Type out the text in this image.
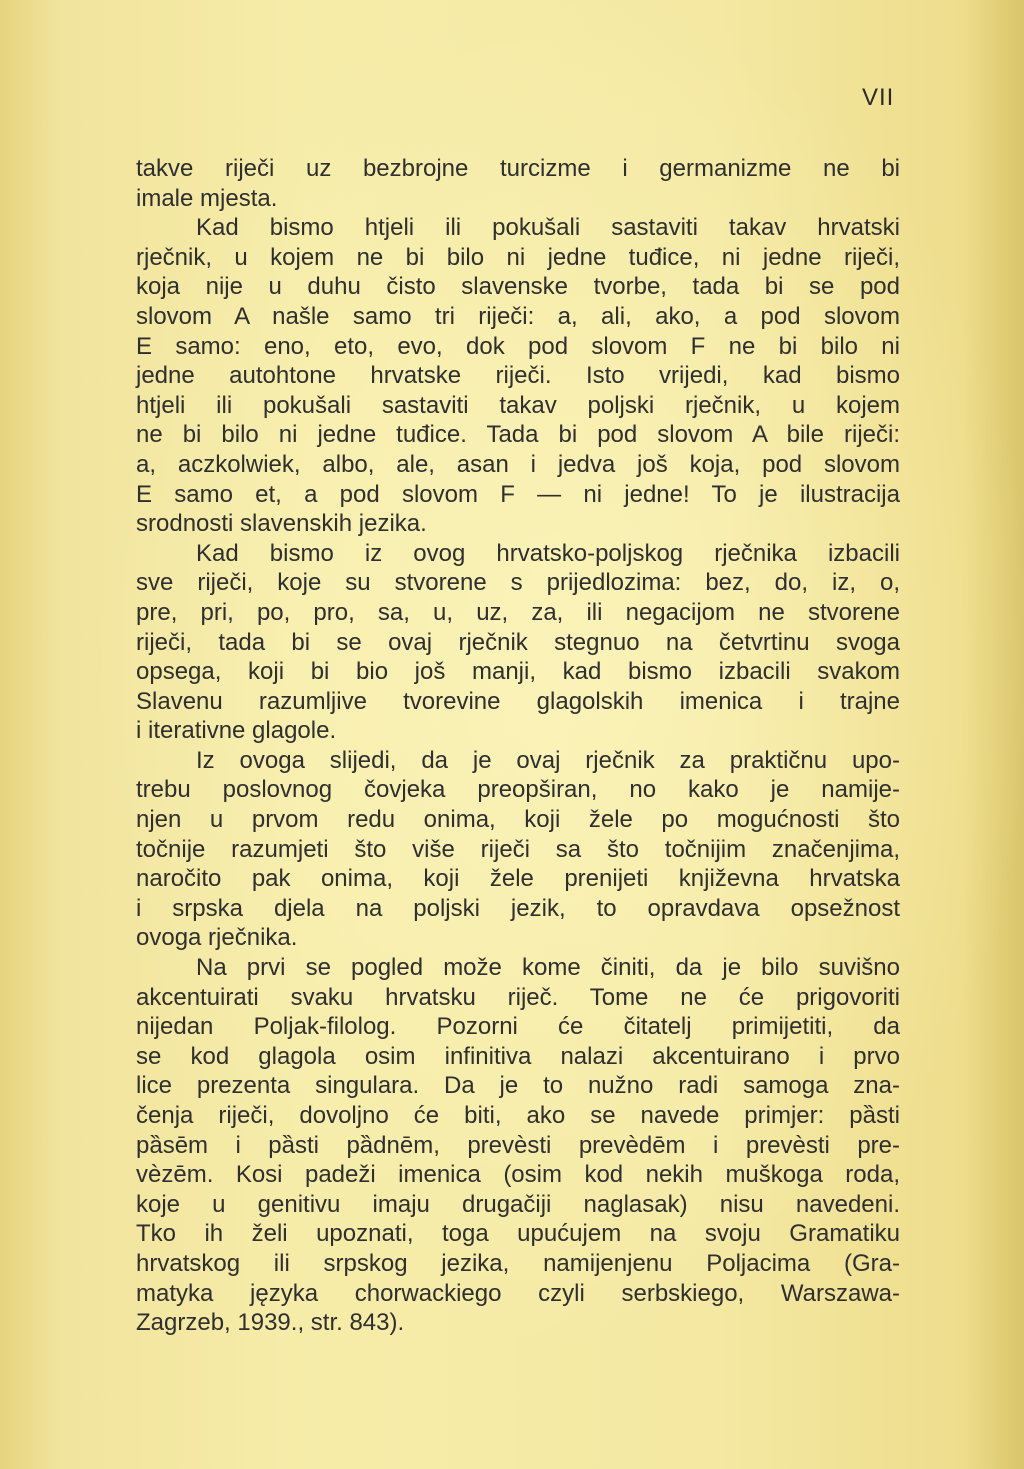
VII
takve riječi uz bezbrojne turcizme i germanizme ne bi
imale mjesta.
Kad bismo htjeli ili pokušali sastaviti takav hrvatski
rječnik, u kojem ne bi bilo ni jedne tuđice, ni jedne riječi,
koja nije u duhu čisto slavenske tvorbe, tada bi se pod
slovom A našle samo tri riječi: a, ali, ako, a pod slovom
E samo: eno, eto, evo, dok pod slovom F ne bi bilo ni
jedne autohtone hrvatske riječi. Isto vrijedi, kad bismo
htjeli ili pokušali sastaviti takav poljski rječnik, u kojem
ne bi bilo ni jedne tuđice. Tada bi pod slovom A bile riječi:
a, aczkolwiek, albo, ale, asan i jedva još koja, pod slovom
E samo et, a pod slovom F — ni jedne! To je ilustracija
srodnosti slavenskih jezika.
Kad bismo iz ovog hrvatsko-poljskog rječnika izbacili
sve riječi, koje su stvorene s prijedlozima: bez, do, iz, o,
pre, pri, po, pro, sa, u, uz, za, ili negacijom ne stvorene
riječi, tada bi se ovaj rječnik stegnuo na četvrtinu svoga
opsega, koji bi bio još manji, kad bismo izbacili svakom
Slavenu razumljive tvorevine glagolskih imenica i trajne
i iterativne glagole.
Iz ovoga slijedi, da je ovaj rječnik za praktičnu upo-
trebu poslovnog čovjeka preopširan, no kako je namije-
njen u prvom redu onima, koji žele po mogućnosti što
točnije razumjeti što više riječi sa što točnijim značenjima,
naročito pak onima, koji žele prenijeti književna hrvatska
i srpska djela na poljski jezik, to opravdava opsežnost
ovoga rječnika.
Na prvi se pogled može kome činiti, da je bilo suvišno
akcentuirati svaku hrvatsku riječ. Tome ne će prigovoriti
nijedan Poljak-filolog. Pozorni će čitatelj primijetiti, da
se kod glagola osim infinitiva nalazi akcentuirano i prvo
lice prezenta singulara. Da je to nužno radi samoga zna-
čenja riječi, dovoljno će biti, ako se navede primjer: pȁsti
pȁsēm i pȁsti pȁdnēm, prevèsti prevèdēm i prevèsti pre-
vèzēm. Kosi padeži imenica (osim kod nekih muškoga roda,
koje u genitivu imaju drugačiji naglasak) nisu navedeni.
Tko ih želi upoznati, toga upućujem na svoju Gramatiku
hrvatskog ili srpskog jezika, namijenjenu Poljacima (Gra-
matyka języka chorwackiego czyli serbskiego, Warszawa-
Zagrzeb, 1939., str. 843).
